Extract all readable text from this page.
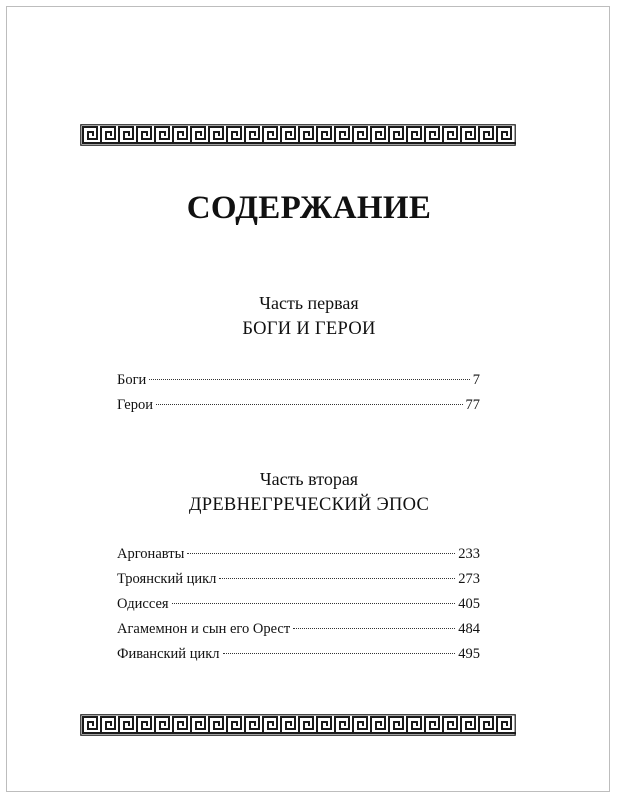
СОДЕРЖАНИЕ
Часть первая
БОГИ И ГЕРОИ
Боги	7
Герои	77
Часть вторая
ДРЕВНЕГРЕЧЕСКИЙ ЭПОС
Аргонавты	233
Троянский цикл	273
Одиссея	405
Агамемнон и сын его Орест	484
Фиванский цикл	495
